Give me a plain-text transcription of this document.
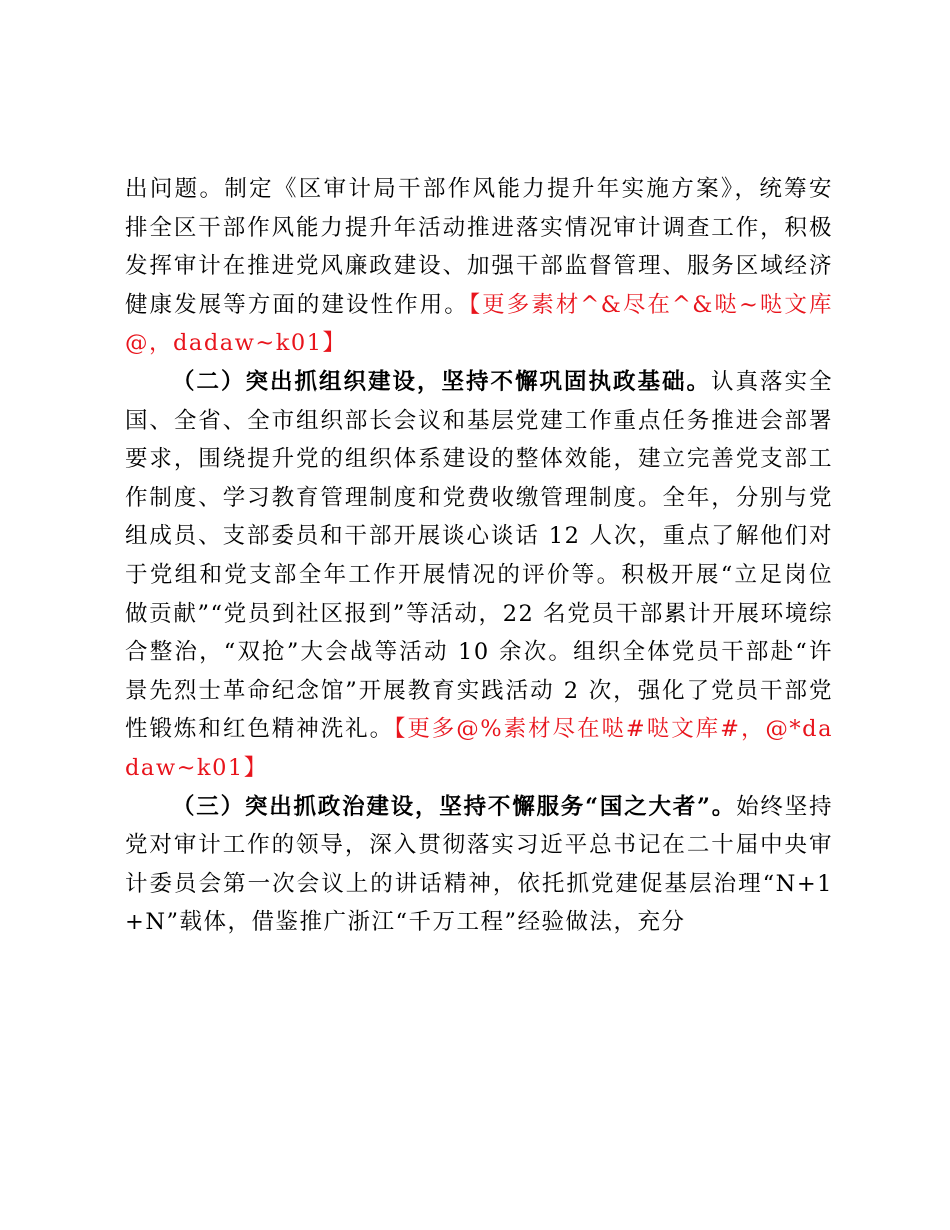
出问题。制定《区审计局干部作风能力提升年实施方案》，统筹安排全区干部作风能力提升年活动推进落实情况审计调查工作，积极发挥审计在推进党风廉政建设、加强干部监督管理、服务区域经济健康发展等方面的建设性作用。【更多素材^&尽在^&哒~哒文库@，dadaw~k01】

（二）突出抓组织建设，坚持不懈巩固执政基础。认真落实全国、全省、全市组织部长会议和基层党建工作重点任务推进会部署要求，围绕提升党的组织体系建设的整体效能，建立完善党支部工作制度、学习教育管理制度和党费收缴管理制度。全年，分别与党组成员、支部委员和干部开展谈心谈话 12 人次，重点了解他们对于党组和党支部全年工作开展情况的评价等。积极开展“立足岗位做贡献”“党员到社区报到”等活动，22 名党员干部累计开展环境综合整治，“双抢”大会战等活动 10 余次。组织全体党员干部赴“许景先烈士革命纪念馆”开展教育实践活动 2 次，强化了党员干部党性锻炼和红色精神洗礼。【更多@%素材尽在哒#哒文库#，@*dadaw~k01】

（三）突出抓政治建设，坚持不懈服务“国之大者”。始终坚持党对审计工作的领导，深入贯彻落实习近平总书记在二十届中央审计委员会第一次会议上的讲话精神，依托抓党建促基层治理“N+1+N”载体，借鉴推广浙江“千万工程”经验做法，充分
